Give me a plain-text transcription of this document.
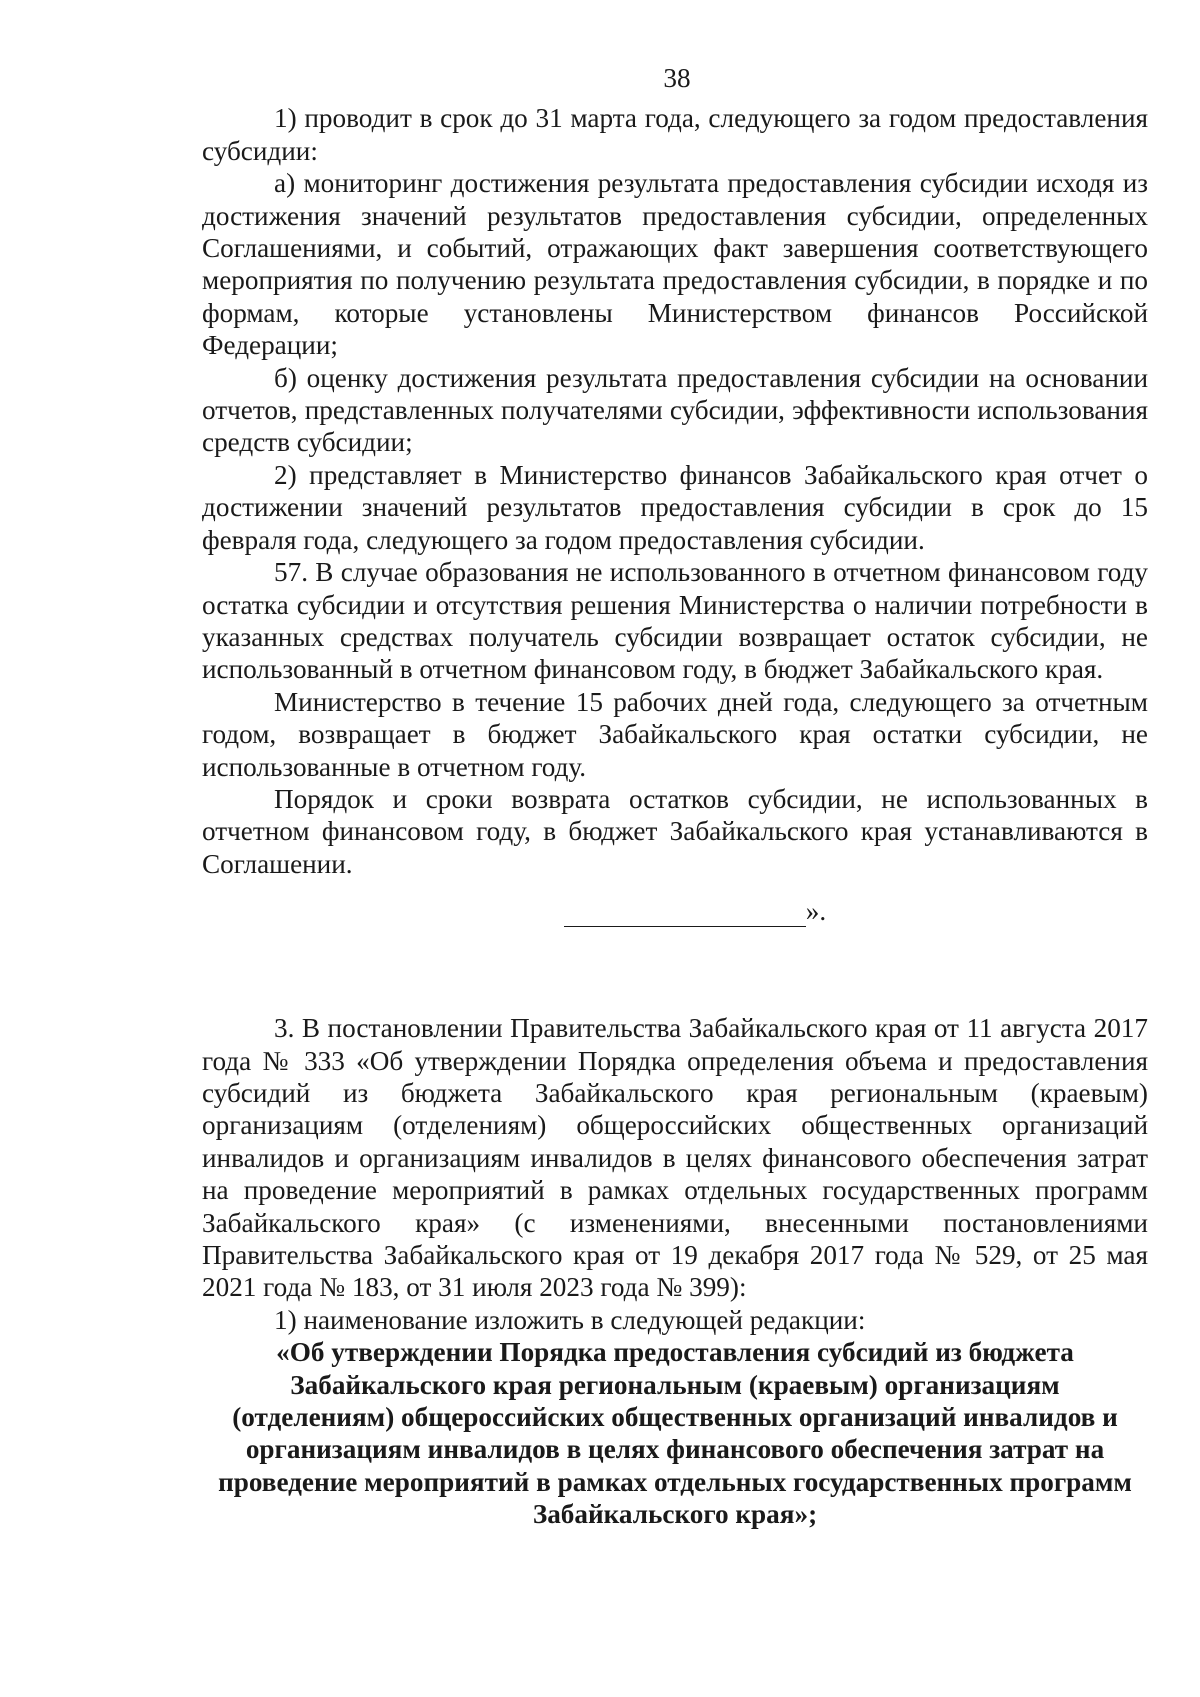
38

1) проводит в срок до 31 марта года, следующего за годом предоставления субсидии:

а) мониторинг достижения результата предоставления субсидии исходя из достижения значений результатов предоставления субсидии, определенных Соглашениями, и событий, отражающих факт завершения соответствующего мероприятия по получению результата предоставления субсидии, в порядке и по формам, которые установлены Министерством финансов Российской Федерации;

б) оценку достижения результата предоставления субсидии на основании отчетов, представленных получателями субсидии, эффективности использования средств субсидии;

2) представляет в Министерство финансов Забайкальского края отчет о достижении значений результатов предоставления субсидии в срок до 15 февраля года, следующего за годом предоставления субсидии.

57. В случае образования не использованного в отчетном финансовом году остатка субсидии и отсутствия решения Министерства о наличии потребности в указанных средствах получатель субсидии возвращает остаток субсидии, не использованный в отчетном финансовом году, в бюджет Забайкальского края.

Министерство в течение 15 рабочих дней года, следующего за отчетным годом, возвращает в бюджет Забайкальского края остатки субсидии, не использованные в отчетном году.

Порядок и сроки возврата остатков субсидии, не использованных в отчетном финансовом году, в бюджет Забайкальского края устанавливаются в Соглашении.

».

3. В постановлении Правительства Забайкальского края от 11 августа 2017 года № 333 «Об утверждении Порядка определения объема и предоставления субсидий из бюджета Забайкальского края региональным (краевым) организациям (отделениям) общероссийских общественных организаций инвалидов и организациям инвалидов в целях финансового обеспечения затрат на проведение мероприятий в рамках отдельных государственных программ Забайкальского края» (с изменениями, внесенными постановлениями Правительства Забайкальского края от 19 декабря 2017 года № 529, от 25 мая 2021 года № 183, от 31 июля 2023 года № 399):

1) наименование изложить в следующей редакции:

«Об утверждении Порядка предоставления субсидий из бюджета Забайкальского края региональным (краевым) организациям (отделениям) общероссийских общественных организаций инвалидов и организациям инвалидов в целях финансового обеспечения затрат на проведение мероприятий в рамках отдельных государственных программ Забайкальского края»;
